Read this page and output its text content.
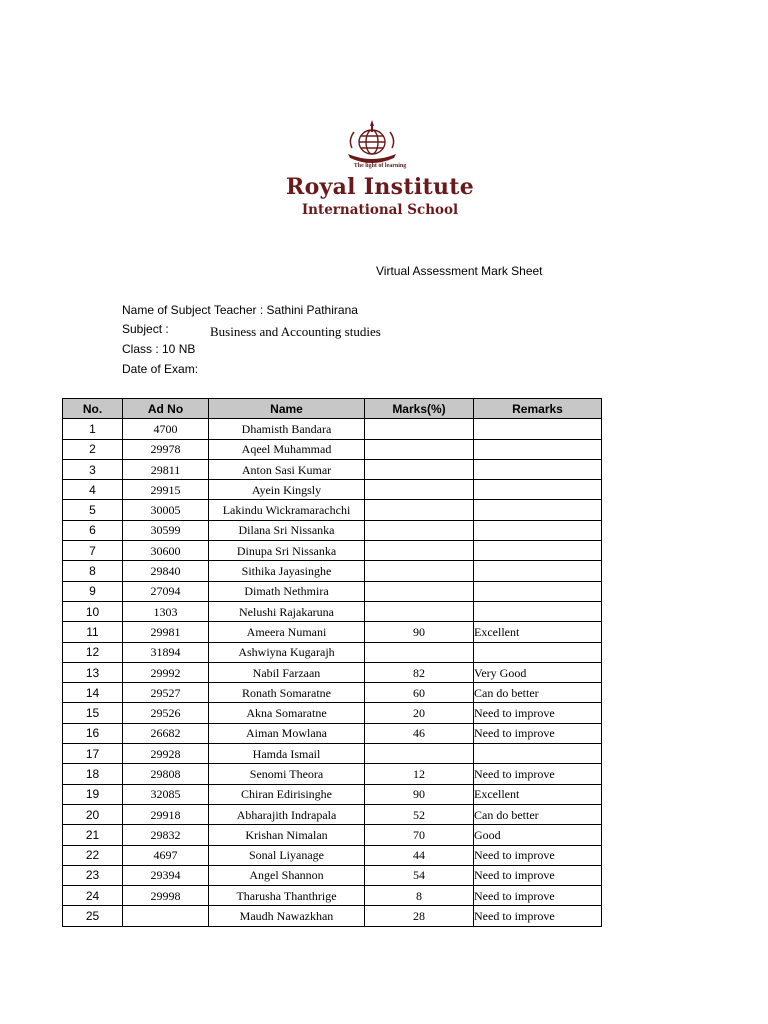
The light of learning
Royal Institute
International School
Virtual Assessment Mark Sheet
Name of Subject Teacher : Sathini Pathirana
Subject :	Business and Accounting studies
Class : 10 NB
Date of Exam:
No.	Ad No	Name	Marks(%)	Remarks
1	4700	Dhamisth Bandara		
2	29978	Aqeel Muhammad		
3	29811	Anton Sasi Kumar		
4	29915	Ayein Kingsly		
5	30005	Lakindu Wickramarachchi		
6	30599	Dilana Sri Nissanka		
7	30600	Dinupa Sri Nissanka		
8	29840	Sithika Jayasinghe		
9	27094	Dimath Nethmira		
10	1303	Nelushi Rajakaruna		
11	29981	Ameera Numani	90	Excellent
12	31894	Ashwiyna Kugarajh		
13	29992	Nabil Farzaan	82	Very Good
14	29527	Ronath Somaratne	60	Can do better
15	29526	Akna Somaratne	20	Need to improve
16	26682	Aiman Mowlana	46	Need to improve
17	29928	Hamda Ismail		
18	29808	Senomi Theora	12	Need to improve
19	32085	Chiran Edirisinghe	90	Excellent
20	29918	Abharajith Indrapala	52	Can do better
21	29832	Krishan Nimalan	70	Good
22	4697	Sonal Liyanage	44	Need to improve
23	29394	Angel Shannon	54	Need to improve
24	29998	Tharusha Thanthrige	8	Need to improve
25		Maudh Nawazkhan	28	Need to improve
